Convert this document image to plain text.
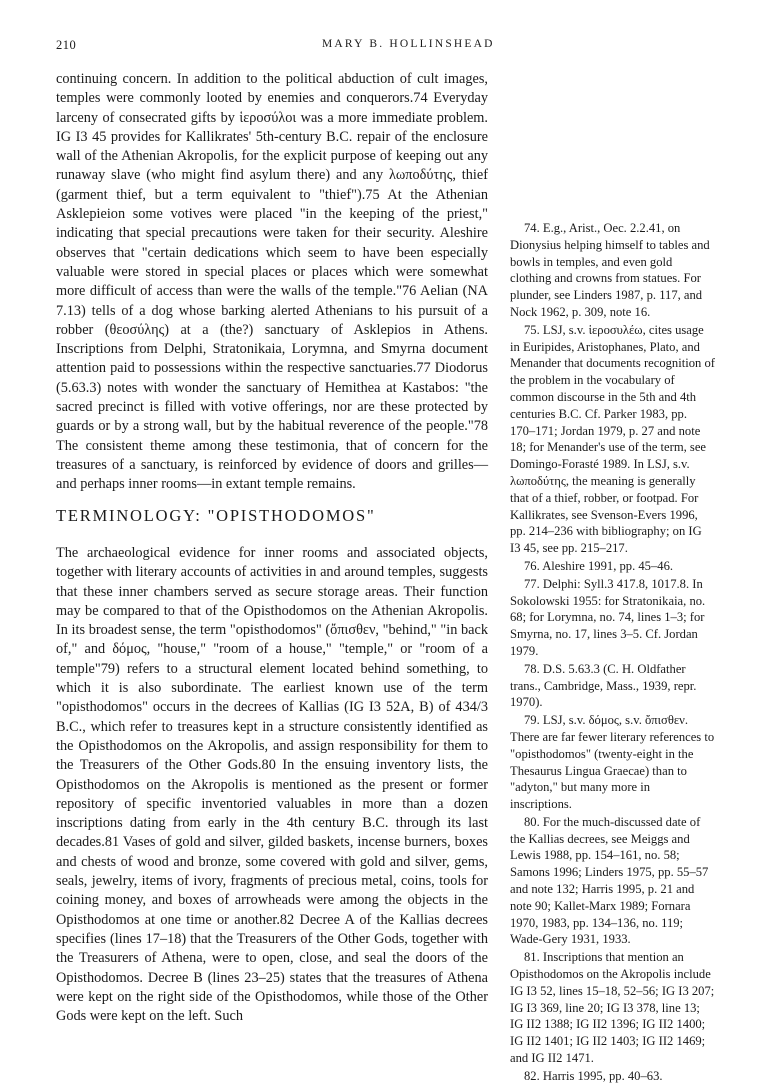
210	MARY B. HOLLINSHEAD

continuing concern. In addition to the political abduction of cult images, temples were commonly looted by enemies and conquerors.74 Everyday larceny of consecrated gifts by ἱεροσύλοι was a more immediate problem. IG I3 45 provides for Kallikrates' 5th-century B.C. repair of the enclosure wall of the Athenian Akropolis, for the explicit purpose of keeping out any runaway slave (who might find asylum there) and any λωποδύτης, thief (garment thief, but a term equivalent to "thief").75 At the Athenian Asklepieion some votives were placed "in the keeping of the priest," indicating that special precautions were taken for their security. Aleshire observes that "certain dedications which seem to have been especially valuable were stored in special places or places which were somewhat more difficult of access than were the walls of the temple."76 Aelian (NA 7.13) tells of a dog whose barking alerted Athenians to his pursuit of a robber (θεοσύλης) at a (the?) sanctuary of Asklepios in Athens. Inscriptions from Delphi, Stratonikaia, Lorymna, and Smyrna document attention paid to possessions within the respective sanctuaries.77 Diodorus (5.63.3) notes with wonder the sanctuary of Hemithea at Kastabos: "the sacred precinct is filled with votive offerings, nor are these protected by guards or by a strong wall, but by the habitual reverence of the people."78 The consistent theme among these testimonia, that of concern for the treasures of a sanctuary, is reinforced by evidence of doors and grilles—and perhaps inner rooms—in extant temple remains.

TERMINOLOGY: "OPISTHODOMOS"

The archaeological evidence for inner rooms and associated objects, together with literary accounts of activities in and around temples, suggests that these inner chambers served as secure storage areas. Their function may be compared to that of the Opisthodomos on the Athenian Akropolis. In its broadest sense, the term "opisthodomos" (ὄπισθεν, "behind," "in back of," and δόμος, "house," "room of a house," "temple," or "room of a temple"79) refers to a structural element located behind something, to which it is also subordinate. The earliest known use of the term "opisthodomos" occurs in the decrees of Kallias (IG I3 52A, B) of 434/3 B.C., which refer to treasures kept in a structure consistently identified as the Opisthodomos on the Akropolis, and assign responsibility for them to the Treasurers of the Other Gods.80 In the ensuing inventory lists, the Opisthodomos on the Akropolis is mentioned as the present or former repository of specific inventoried valuables in more than a dozen inscriptions dating from early in the 4th century B.C. through its last decades.81 Vases of gold and silver, gilded baskets, incense burners, boxes and chests of wood and bronze, some covered with gold and silver, gems, seals, jewelry, items of ivory, fragments of precious metal, coins, tools for coining money, and boxes of arrowheads were among the objects in the Opisthodomos at one time or another.82 Decree A of the Kallias decrees specifies (lines 17–18) that the Treasurers of the Other Gods, together with the Treasurers of Athena, were to open, close, and seal the doors of the Opisthodomos. Decree B (lines 23–25) states that the treasures of Athena were kept on the right side of the Opisthodomos, while those of the Other Gods were kept on the left. Such

74. E.g., Arist., Oec. 2.2.41, on Dionysius helping himself to tables and bowls in temples, and even gold clothing and crowns from statues. For plunder, see Linders 1987, p. 117, and Nock 1962, p. 309, note 16.

75. LSJ, s.v. ἱεροσυλέω, cites usage in Euripides, Aristophanes, Plato, and Menander that documents recognition of the problem in the vocabulary of common discourse in the 5th and 4th centuries B.C. Cf. Parker 1983, pp. 170–171; Jordan 1979, p. 27 and note 18; for Menander's use of the term, see Domingo-Forasté 1989. In LSJ, s.v. λωποδύτης, the meaning is generally that of a thief, robber, or footpad. For Kallikrates, see Svenson-Evers 1996, pp. 214–236 with bibliography; on IG I3 45, see pp. 215–217.

76. Aleshire 1991, pp. 45–46.

77. Delphi: Syll.3 417.8, 1017.8. In Sokolowski 1955: for Stratonikaia, no. 68; for Lorymna, no. 74, lines 1–3; for Smyrna, no. 17, lines 3–5. Cf. Jordan 1979.

78. D.S. 5.63.3 (C. H. Oldfather trans., Cambridge, Mass., 1939, repr. 1970).

79. LSJ, s.v. δόμος, s.v. ὄπισθεν. There are far fewer literary references to "opisthodomos" (twenty-eight in the Thesaurus Lingua Graecae) than to "adyton," but many more in inscriptions.

80. For the much-discussed date of the Kallias decrees, see Meiggs and Lewis 1988, pp. 154–161, no. 58; Samons 1996; Linders 1975, pp. 55–57 and note 132; Harris 1995, p. 21 and note 90; Kallet-Marx 1989; Fornara 1970, 1983, pp. 134–136, no. 119; Wade-Gery 1931, 1933.

81. Inscriptions that mention an Opisthodomos on the Akropolis include IG I3 52, lines 15–18, 52–56; IG I3 207; IG I3 369, line 20; IG I3 378, line 13; IG II2 1388; IG II2 1396; IG II2 1400; IG II2 1401; IG II2 1403; IG II2 1469; and IG II2 1471.

82. Harris 1995, pp. 40–63.
